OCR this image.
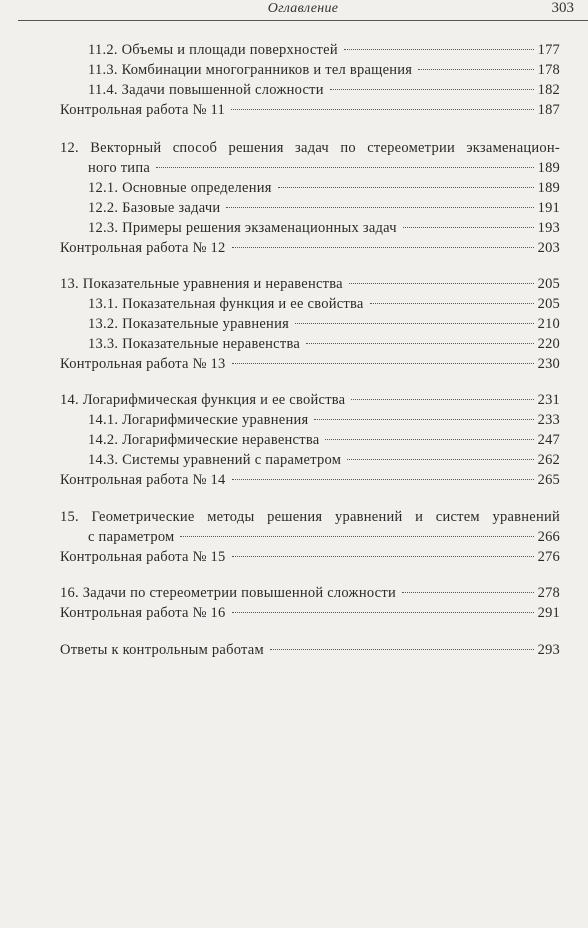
Оглавление	303
11.2. Объемы и площади поверхностей	177
11.3. Комбинации многогранников и тел вращения	178
11.4. Задачи повышенной сложности	182
Контрольная работа № 11	187
12. Векторный способ решения задач по стереометрии экзаменацион-
ного типа	189
12.1. Основные определения	189
12.2. Базовые задачи	191
12.3. Примеры решения экзаменационных задач	193
Контрольная работа № 12	203
13. Показательные уравнения и неравенства	205
13.1. Показательная функция и ее свойства	205
13.2. Показательные уравнения	210
13.3. Показательные неравенства	220
Контрольная работа № 13	230
14. Логарифмическая функция и ее свойства	231
14.1. Логарифмические уравнения	233
14.2. Логарифмические неравенства	247
14.3. Системы уравнений с параметром	262
Контрольная работа № 14	265
15. Геометрические методы решения уравнений и систем уравнений
с параметром	266
Контрольная работа № 15	276
16. Задачи по стереометрии повышенной сложности	278
Контрольная работа № 16	291
Ответы к контрольным работам	293
